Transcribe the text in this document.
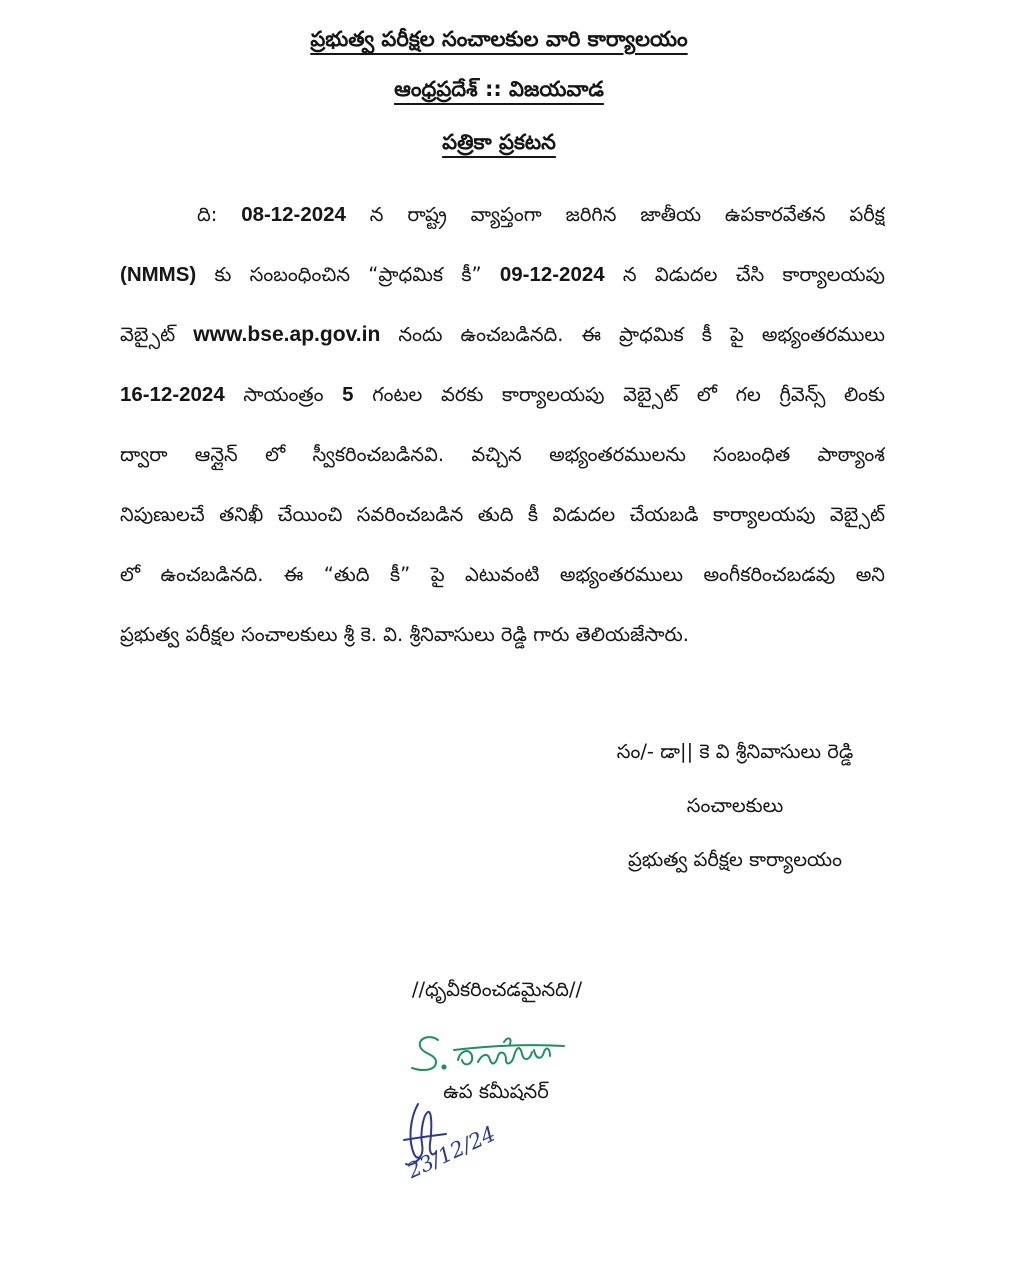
ప్రభుత్వ పరీక్షల సంచాలకుల వారి కార్యాలయం
ఆంధ్రప్రదేశ్ :: విజయవాడ
పత్రికా ప్రకటన
ది: 08-12-2024 న రాష్ట్ర వ్యాప్తంగా జరిగిన జాతీయ ఉపకారవేతన పరీక్ష
(NMMS) కు సంబంధించిన “ప్రాధమిక కీ” 09-12-2024 న విడుదల చేసి కార్యాలయపు
వెబ్సైట్ www.bse.ap.gov.in నందు ఉంచబడినది. ఈ ప్రాధమిక కీ పై అభ్యంతరములు
16-12-2024 సాయంత్రం 5 గంటల వరకు కార్యాలయపు వెబ్సైట్ లో గల గ్రీవెన్స్ లింకు
ద్వారా ఆన్లైన్ లో స్వీకరించబడినవి. వచ్చిన అభ్యంతరములను సంబంధిత పాఠ్యాంశ
నిపుణులచే తనిఖీ చేయించి సవరించబడిన తుది కీ విడుదల చేయబడి కార్యాలయపు వెబ్సైట్
లో ఉంచబడినది. ఈ “తుది కీ” పై ఎటువంటి అభ్యంతరములు అంగీకరించబడవు అని
ప్రభుత్వ పరీక్షల సంచాలకులు శ్రీ కె. వి. శ్రీనివాసులు రెడ్డి గారు తెలియజేసారు.
సం/- డా|| కె వి శ్రీనివాసులు రెడ్డి
సంచాలకులు
ప్రభుత్వ పరీక్షల కార్యాలయం
//ధృవీకరించడమైనది//
ఉప కమీషనర్
23/12/24
